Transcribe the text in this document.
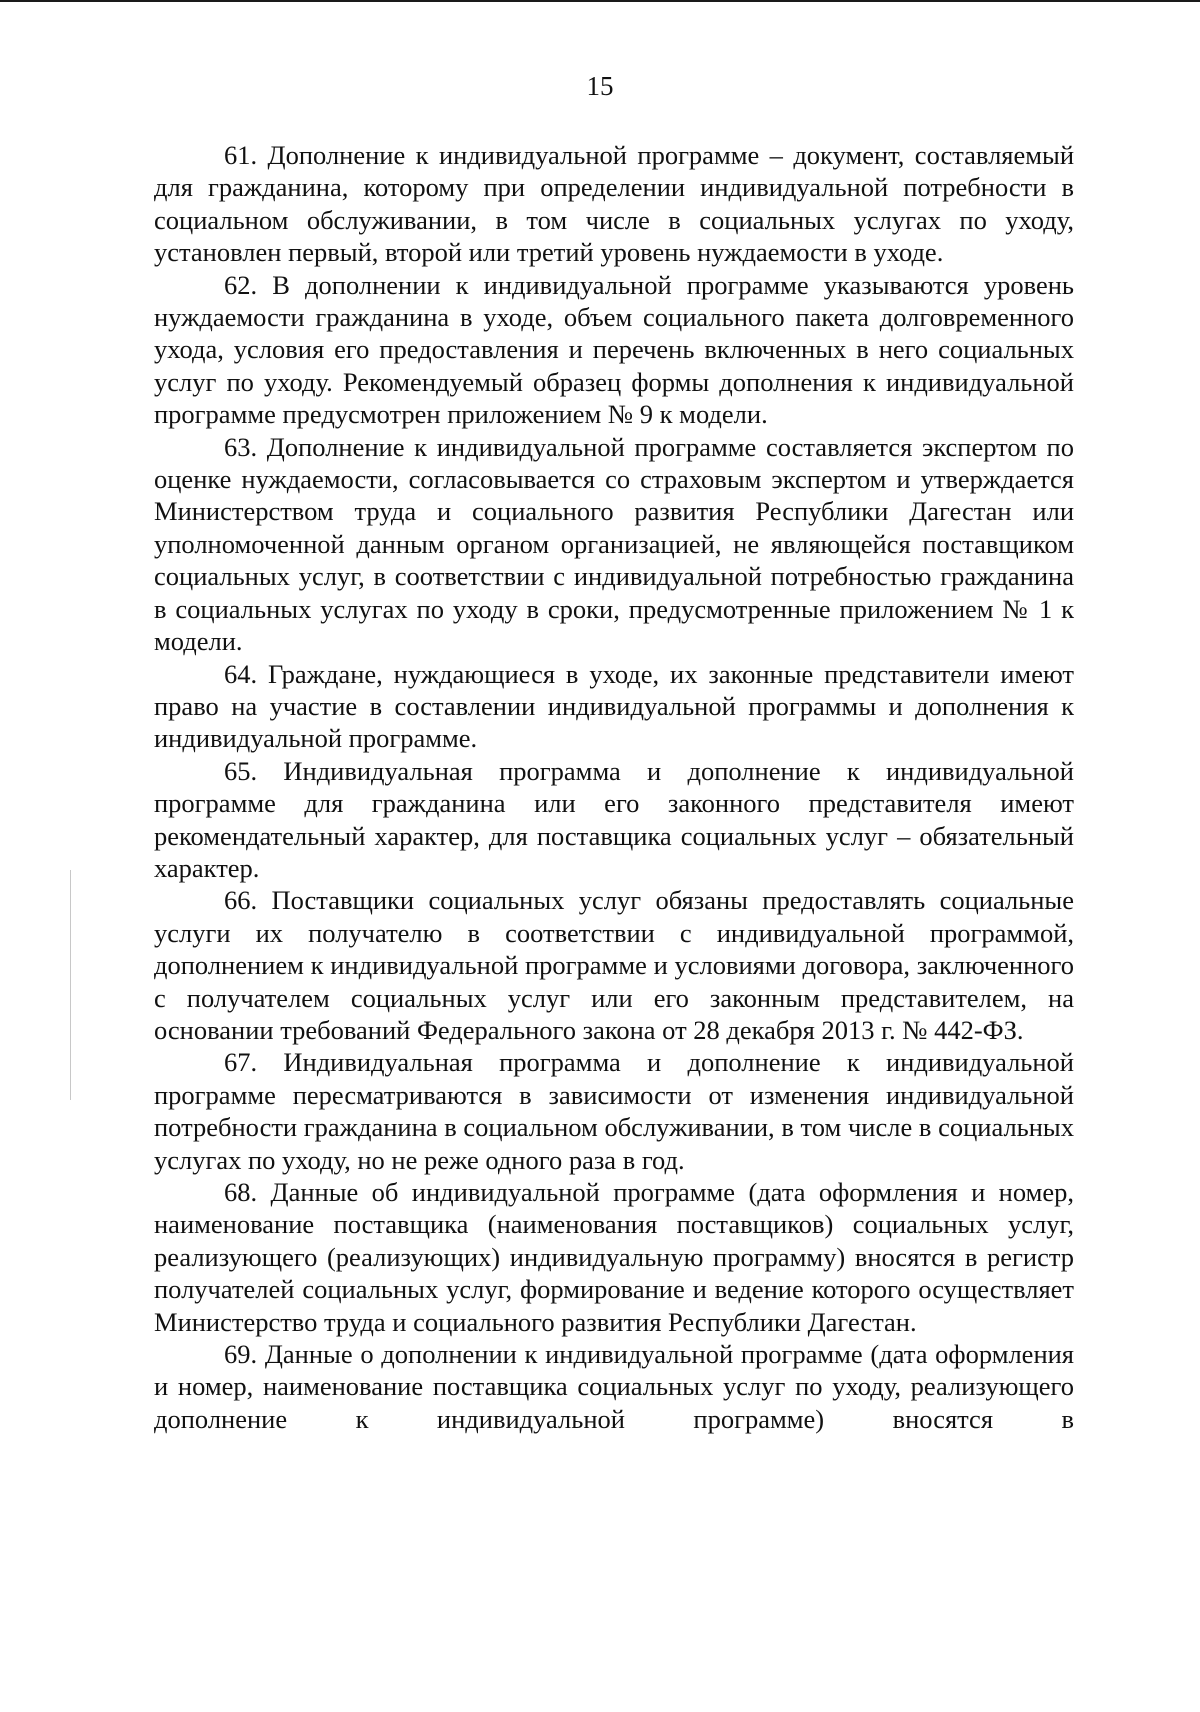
15

61. Дополнение к индивидуальной программе – документ, составляемый для гражданина, которому при определении индивидуальной потребности в социальном обслуживании, в том числе в социальных услугах по уходу, установлен первый, второй или третий уровень нуждаемости в уходе.

62. В дополнении к индивидуальной программе указываются уровень нуждаемости гражданина в уходе, объем социального пакета долговременного ухода, условия его предоставления и перечень включенных в него социальных услуг по уходу. Рекомендуемый образец формы дополнения к индивидуальной программе предусмотрен приложением № 9 к модели.

63. Дополнение к индивидуальной программе составляется экспертом по оценке нуждаемости, согласовывается со страховым экспертом и утверждается Министерством труда и социального развития Республики Дагестан или уполномоченной данным органом организацией, не являющейся поставщиком социальных услуг, в соответствии с индивидуальной потребностью гражданина в социальных услугах по уходу в сроки, предусмотренные приложением № 1 к модели.

64. Граждане, нуждающиеся в уходе, их законные представители имеют право на участие в составлении индивидуальной программы и дополнения к индивидуальной программе.

65. Индивидуальная программа и дополнение к индивидуальной программе для гражданина или его законного представителя имеют рекомендательный характер, для поставщика социальных услуг – обязательный характер.

66. Поставщики социальных услуг обязаны предоставлять социальные услуги их получателю в соответствии с индивидуальной программой, дополнением к индивидуальной программе и условиями договора, заключенного с получателем социальных услуг или его законным представителем, на основании требований Федерального закона от 28 декабря 2013 г. № 442-ФЗ.

67. Индивидуальная программа и дополнение к индивидуальной программе пересматриваются в зависимости от изменения индивидуальной потребности гражданина в социальном обслуживании, в том числе в социальных услугах по уходу, но не реже одного раза в год.

68. Данные об индивидуальной программе (дата оформления и номер, наименование поставщика (наименования поставщиков) социальных услуг, реализующего (реализующих) индивидуальную программу) вносятся в регистр получателей социальных услуг, формирование и ведение которого осуществляет Министерство труда и социального развития Республики Дагестан.

69. Данные о дополнении к индивидуальной программе (дата оформления и номер, наименование поставщика социальных услуг по уходу, реализующего дополнение к индивидуальной программе) вносятся в
